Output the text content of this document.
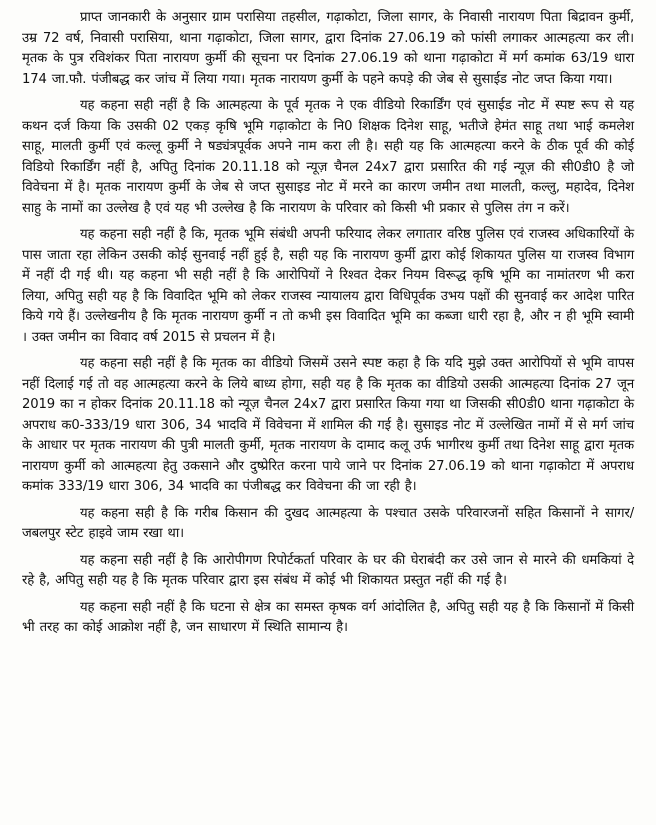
प्राप्त जानकारी के अनुसार ग्राम परासिया तहसील, गढ़ाकोटा, जिला सागर, के निवासी नारायण पिता बिद्रावन कुर्मी, उम्र 72 वर्ष, निवासी परासिया, थाना गढ़ाकोटा, जिला सागर, द्वारा दिनांक 27.06.19 को फांसी लगाकर आत्महत्या कर ली। मृतक के पुत्र रविशंकर पिता नारायण कुर्मी की सूचना पर दिनांक 27.06.19 को थाना गढ़ाकोटा में मर्ग कमांक 63/19 धारा 174 जा.फौ. पंजीबद्ध कर जांच में लिया गया। मृतक नारायण कुर्मी के पहने कपड़े की जेब से सुसाईड नोट जप्त किया गया।

यह कहना सही नहीं है कि आत्महत्या के पूर्व मृतक ने एक वीडियो रिकार्डिंग एवं सुसाईड नोट में स्पष्ट रूप से यह कथन दर्ज किया कि उसकी 02 एकड़ कृषि भूमि गढ़ाकोटा के नि0 शिक्षक दिनेश साहू, भतीजे हेमंत साहू तथा भाई कमलेश साहू, मालती कुर्मी एवं कल्लू कुर्मी ने षड्यंत्रपूर्वक अपने नाम करा ली है। सही यह कि आत्महत्या करने के ठीक पूर्व की कोई विडियो रिकार्डिंग नहीं है, अपितु दिनांक 20.11.18 को न्यूज़ चैनल 24x7 द्वारा प्रसारित की गई न्यूज़ की सी0डी0 है जो विवेचना में है। मृतक नारायण कुर्मी के जेब से जप्त सुसाइड नोट में मरने का कारण जमीन तथा मालती, कल्लु, महादेव, दिनेश साहु के नामों का उल्लेख है एवं यह भी उल्लेख है कि नारायण के परिवार को किसी भी प्रकार से पुलिस तंग न करें।

यह कहना सही नहीं है कि, मृतक भूमि संबंधी अपनी फरियाद लेकर लगातार वरिष्ठ पुलिस एवं राजस्व अधिकारियों के पास जाता रहा लेकिन उसकी कोई सुनवाई नहीं हुई है, सही यह कि नारायण कुर्मी द्वारा कोई शिकायत पुलिस या राजस्व विभाग में नहीं दी गई थी। यह कहना भी सही नहीं है कि आरोपियों ने रिश्वत देकर नियम विरूद्ध कृषि भूमि का नामांतरण भी करा लिया, अपितु सही यह है कि विवादित भूमि को लेकर राजस्व न्यायालय द्वारा विधिपूर्वक उभय पक्षों की सुनवाई कर आदेश पारित किये गये हैं। उल्लेखनीय है कि मृतक नारायण कुर्मी न तो कभी इस विवादित भूमि का कब्जा धारी रहा है, और न ही भूमि स्वामी । उक्त जमीन का विवाद वर्ष 2015 से प्रचलन में है।

यह कहना सही नहीं है कि मृतक का वीडियो जिसमें उसने स्पष्ट कहा है कि यदि मुझे उक्त आरोपियों से भूमि वापस नहीं दिलाई गई तो वह आत्महत्या करने के लिये बाध्य होगा, सही यह है कि मृतक का वीडियो उसकी आत्महत्या दिनांक 27 जून 2019 का न होकर दिनांक 20.11.18 को न्यूज़ चैनल 24x7 द्वारा प्रसारित किया गया था जिसकी सी0डी0 थाना गढ़ाकोटा के अपराध क0-333/19 धारा 306, 34 भादवि में विवेचना में शामिल की गई है। सुसाइड नोट में उल्लेखित नामों में से मर्ग जांच के आधार पर मृतक नारायण की पुत्री मालती कुर्मी, मृतक नारायण के दामाद कलू उर्फ भागीरथ कुर्मी तथा दिनेश साहू द्वारा मृतक नारायण कुर्मी को आत्महत्या हेतु उकसाने और दुष्प्रेरित करना पाये जाने पर दिनांक 27.06.19 को थाना गढ़ाकोटा में अपराध कमांक 333/19 धारा 306, 34 भादवि का पंजीबद्ध कर विवेचना की जा रही है।

यह कहना सही है कि गरीब किसान की दुखद आत्महत्या के पश्चात उसके परिवारजनों सहित किसानों ने सागर/जबलपुर स्टेट हाइवे जाम रखा था।

यह कहना सही नहीं है कि आरोपीगण रिपोर्टकर्ता परिवार के घर की घेराबंदी कर उसे जान से मारने की धमकियां दे रहे है, अपितु सही यह है कि मृतक परिवार द्वारा इस संबंध में कोई भी शिकायत प्रस्तुत नहीं की गई है।

यह कहना सही नहीं है कि घटना से क्षेत्र का समस्त कृषक वर्ग आंदोलित है, अपितु सही यह है कि किसानों में किसी भी तरह का कोई आक्रोश नहीं है, जन साधारण में स्थिति सामान्य है।
